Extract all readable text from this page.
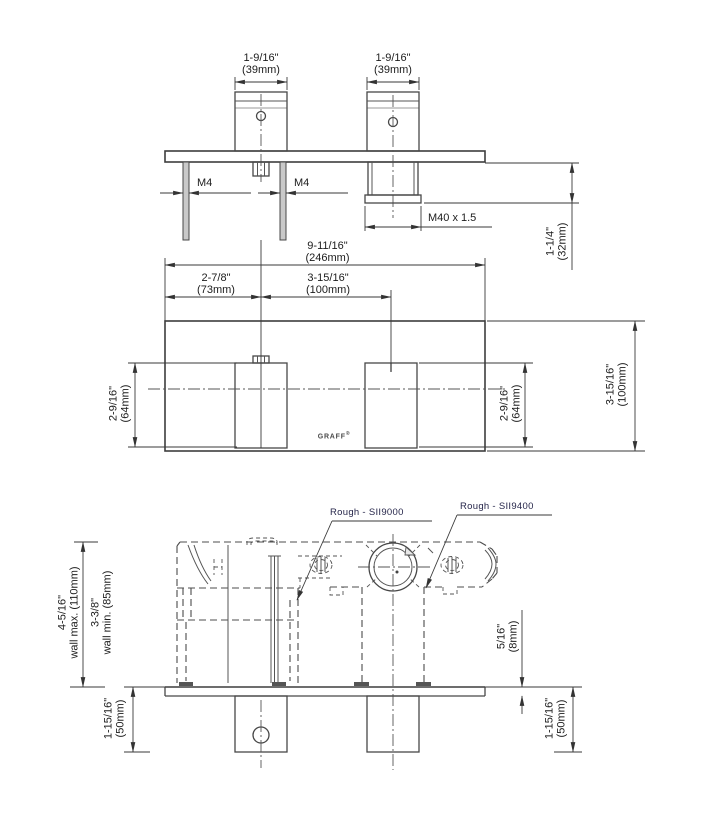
1-9/16"
(39mm)
1-9/16"
(39mm)
M4	M4
M40 x 1.5
1-1/4" (32mm)
9-11/16"
(246mm)
2-7/8"
(73mm)
3-15/16"
(100mm)
2-9/16" (64mm)	2-9/16" (64mm)	3-15/16" (100mm)
GRAFF®
Rough - SII9000
Rough - SII9400
4-5/16" wall max. (110mm) 3-3/8" wall min. (85mm)	5/16" (8mm)
1-15/16" (50mm)	1-15/16" (50mm)
